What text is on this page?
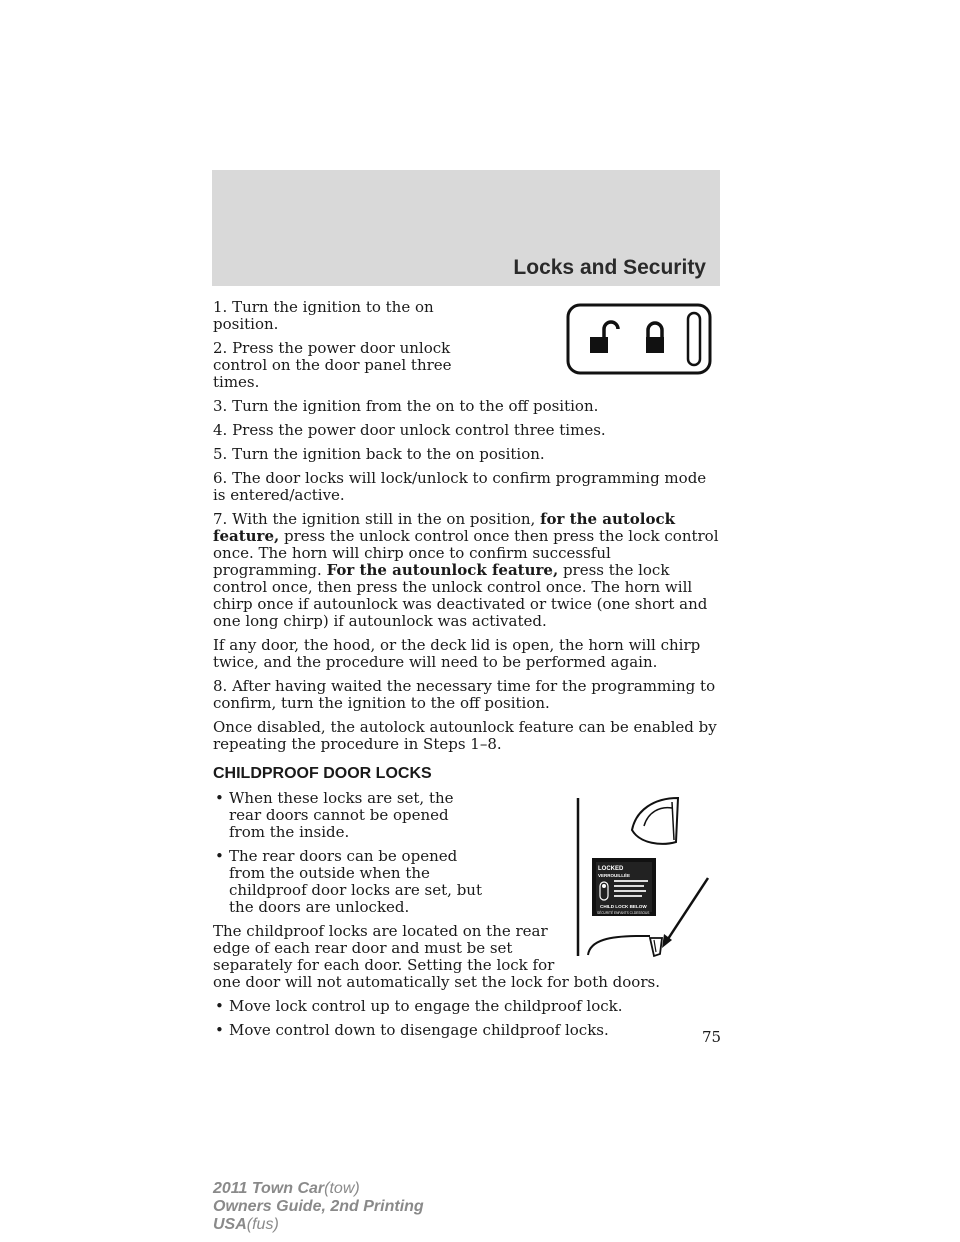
Locks and Security

1. Turn the ignition to the on position.

2. Press the power door unlock control on the door panel three times.

3. Turn the ignition from the on to the off position.

4. Press the power door unlock control three times.

5. Turn the ignition back to the on position.

6. The door locks will lock/unlock to confirm programming mode is entered/active.

7. With the ignition still in the on position, for the autolock feature, press the unlock control once then press the lock control once. The horn will chirp once to confirm successful programming. For the autounlock feature, press the lock control once, then press the unlock control once. The horn will chirp once if autounlock was deactivated or twice (one short and one long chirp) if autounlock was activated.

If any door, the hood, or the deck lid is open, the horn will chirp twice, and the procedure will need to be performed again.

8. After having waited the necessary time for the programming to confirm, turn the ignition to the off position.

Once disabled, the autolock autounlock feature can be enabled by repeating the procedure in Steps 1–8.

CHILDPROOF DOOR LOCKS
LOCKED
VERROUILLÉE
CHILD LOCK BELOW
SÉCURITÉ ENFANTS CI-DESSOUS
• When these locks are set, the rear doors cannot be opened from the inside.
• The rear doors can be opened from the outside when the childproof door locks are set, but the doors are unlocked.

The childproof locks are located on the rear edge of each rear door and must be set separately for each door. Setting the lock for one door will not automatically set the lock for both doors.

• Move lock control up to engage the childproof lock.
• Move control down to disengage childproof locks.	75
2011 Town Car(tow)
Owners Guide, 2nd Printing
USA(fus)
